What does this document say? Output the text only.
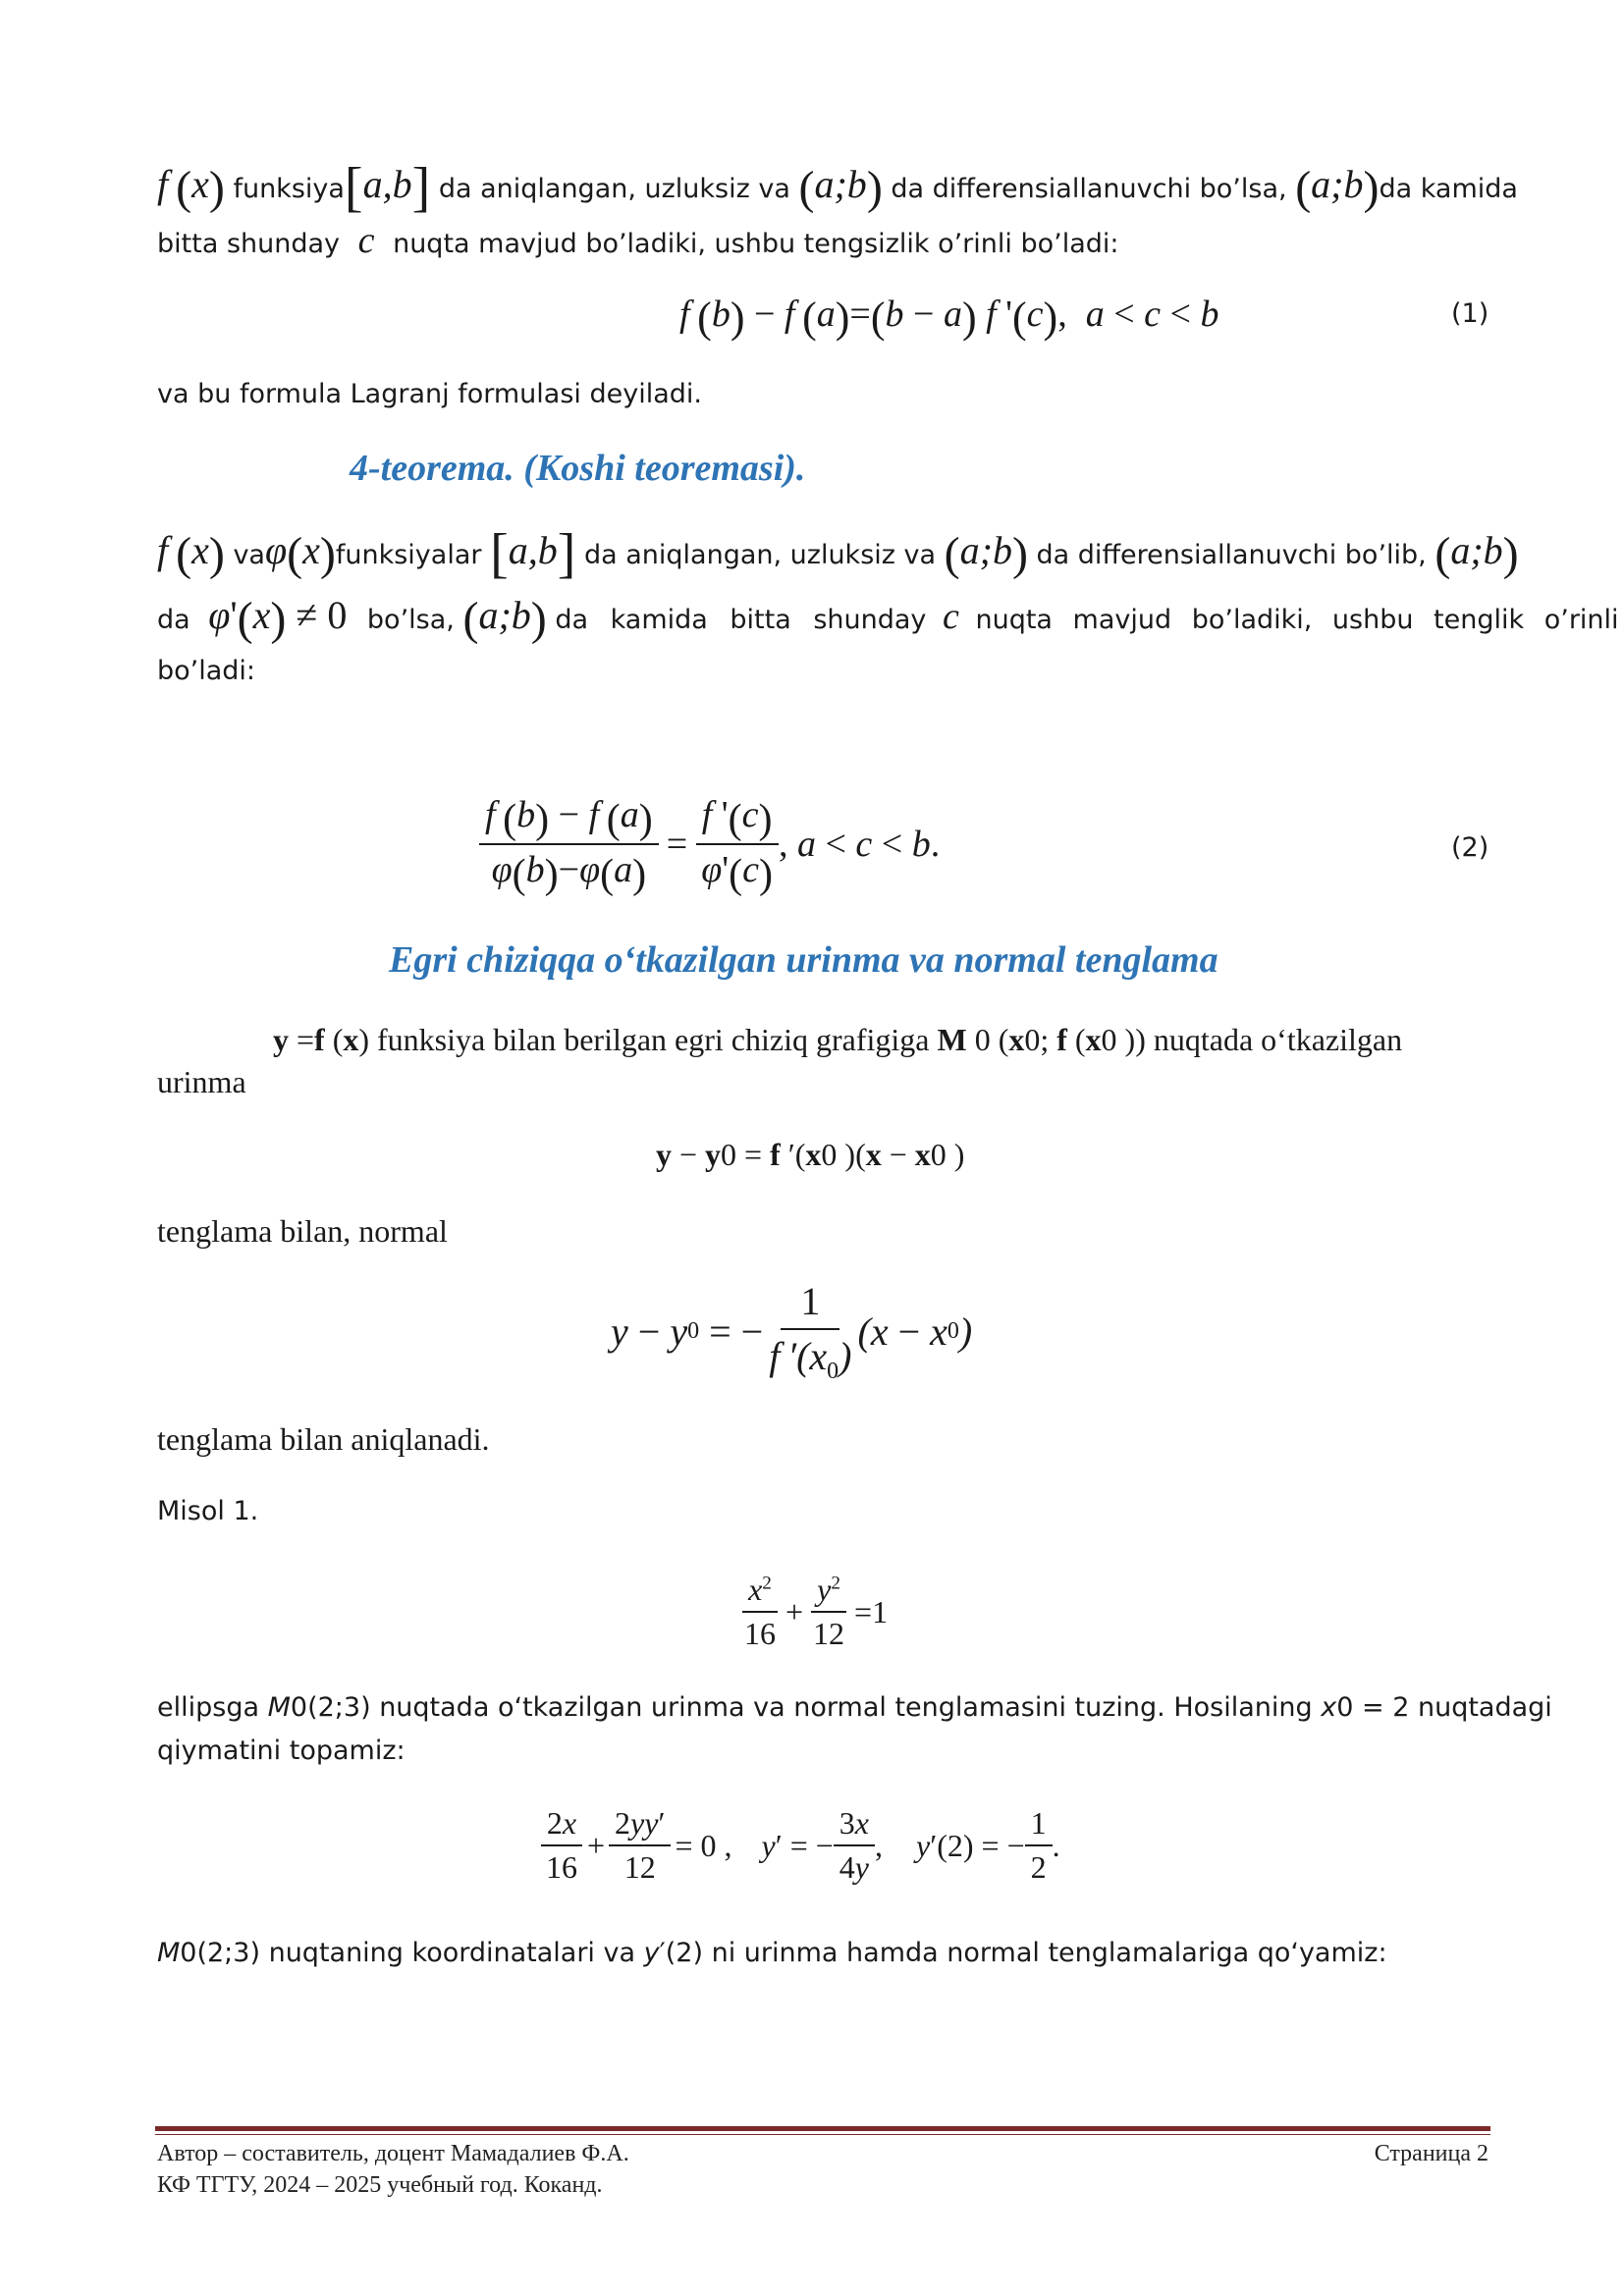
f (x) funksiya[a,b] da aniqlangan, uzluksiz va (a;b) da differensiallanuvchi bo’lsa, (a;b)da kamida
bitta shunday c nuqta mavjud bo’ladiki, ushbu tengsizlik o’rinli bo’ladi:
f (b) − f (a)=(b − a) f '(c),  a < c < b	(1)
va bu formula Lagranj formulasi deyiladi.
4-teorema. (Koshi teoremasi).
f (x) vaφ(x)funksiyalar [a,b] da aniqlangan, uzluksiz va (a;b) da differensiallanuvchi bo’lib, (a;b)
da φ'(x) ≠ 0 bo’lsa, (a;b) da kamida bitta shunday c nuqta mavjud bo’ladiki, ushbu tenglik o’rinli
bo’ladi:
$\frac{f (b) - f (a)}{\varphi(b)-\varphi(a)} = \frac{f '(c)}{\varphi'(c)}$ , a < c < b .	(2)
Egri chiziqqa oʻtkazilgan urinma va normal tenglama
y =f (x) funksiya bilan berilgan egri chiziq grafigiga M 0 (x0; f (x0 )) nuqtada oʻtkazilgan
urinma
y − y0 = f ′(x0 )(x − x0 )
tenglama bilan, normal
y − y 0 = − $\frac{1}{f '(x_0)} (x - x$ 0 )
tenglama bilan aniqlanadi.
Misol 1.
$\frac{x^2}{16} + \frac{y^2}{12} =1$
ellipsga M0(2;3) nuqtada oʻtkazilgan urinma va normal tenglamasini tuzing. Hosilaning x0 = 2 nuqtadagi
qiymatini topamiz:
$\frac{2x}{16} + \frac{2yy'}{12} = 0$ , y′ = − $\frac{3x}{4y}$ , y′(2) = − $\frac{1}{2}$ .
M0(2;3) nuqtaning koordinatalari va y′(2) ni urinma hamda normal tenglamalariga qoʻyamiz:
Автор – составитель, доцент Мамадалиев Ф.А.
КФ ТГТУ, 2024 – 2025 учебный год. Коканд.
Страница 2
